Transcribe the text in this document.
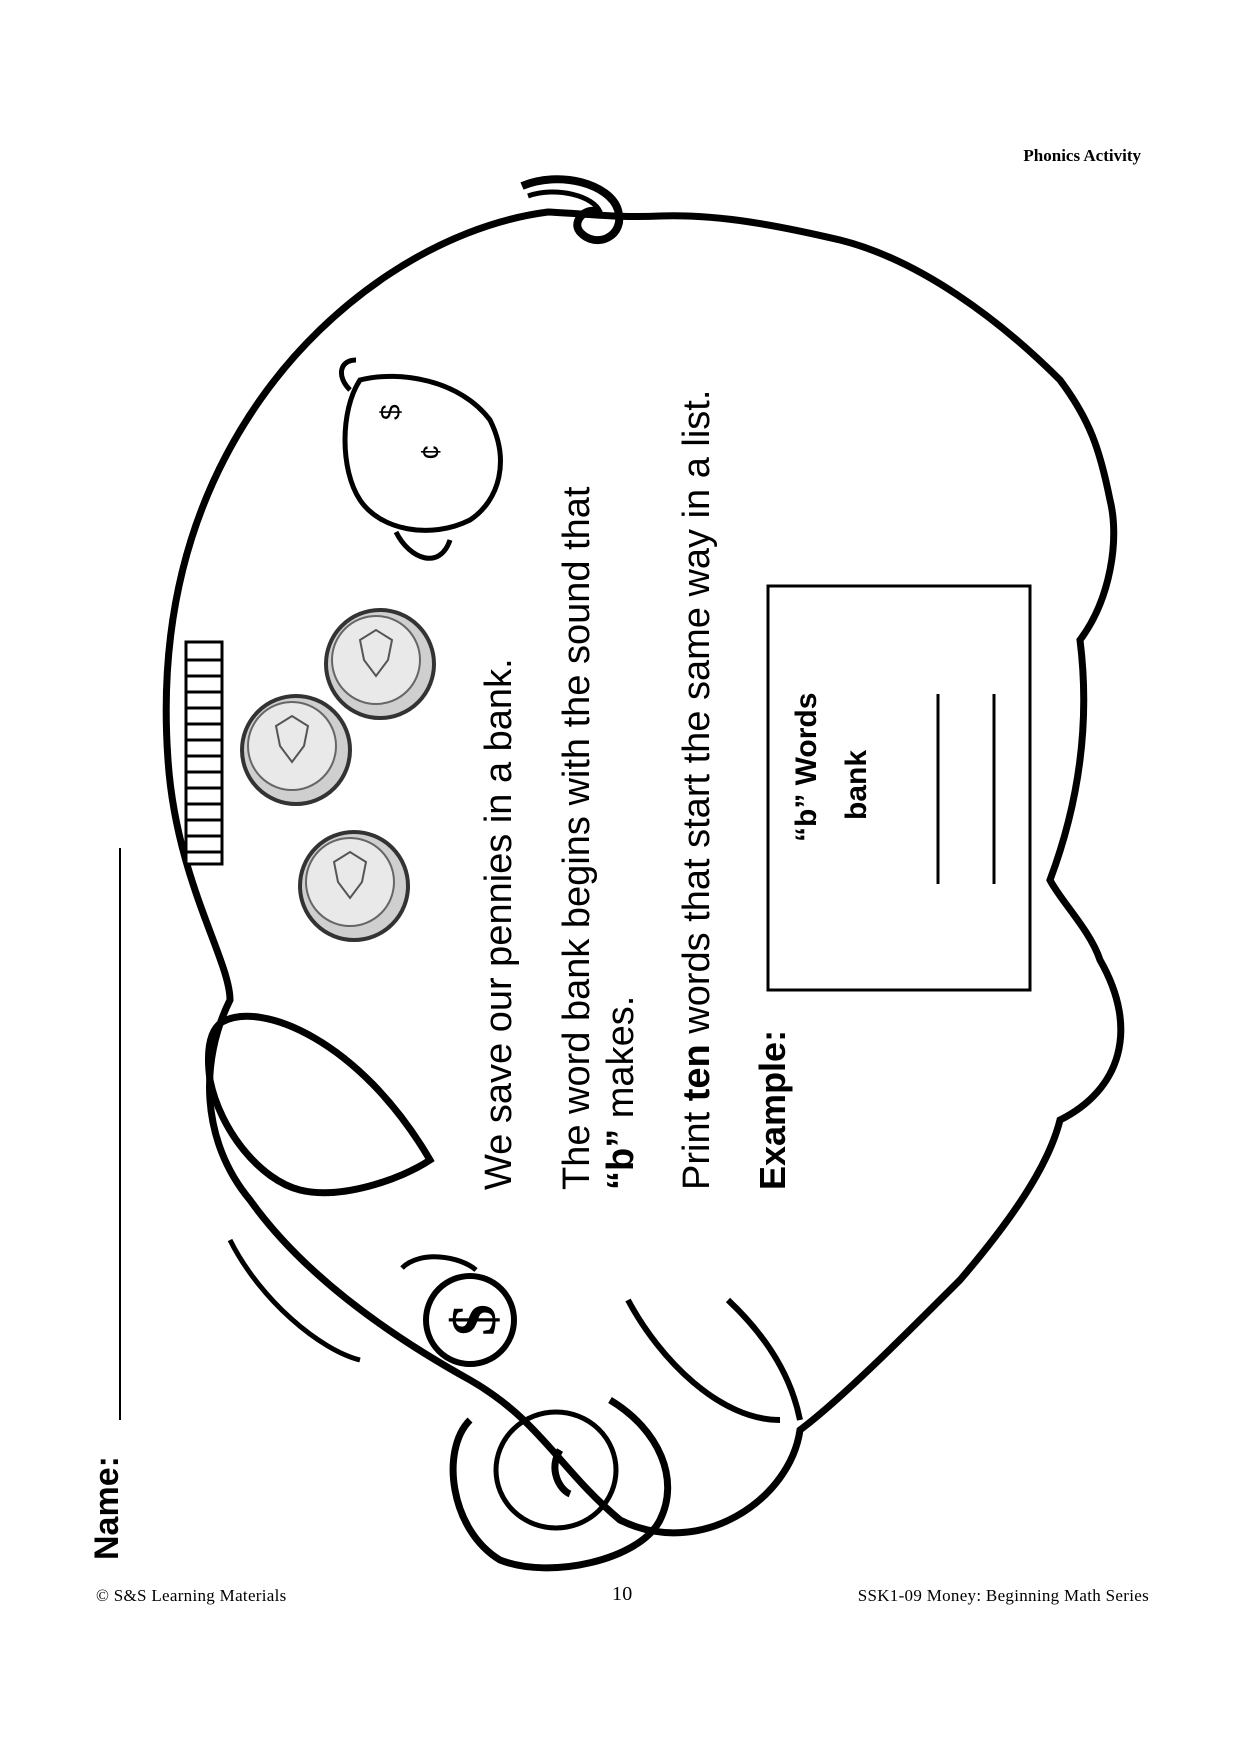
$
$
¢
Phonics Activity
Name:
We save our pennies in a bank. The word bank begins with the sound that “b” makes.
Print ten words that start the same way in a list.
Example:
“b” Words bank
© S&S Learning Materials	10	SSK1-09 Money: Beginning Math Series
